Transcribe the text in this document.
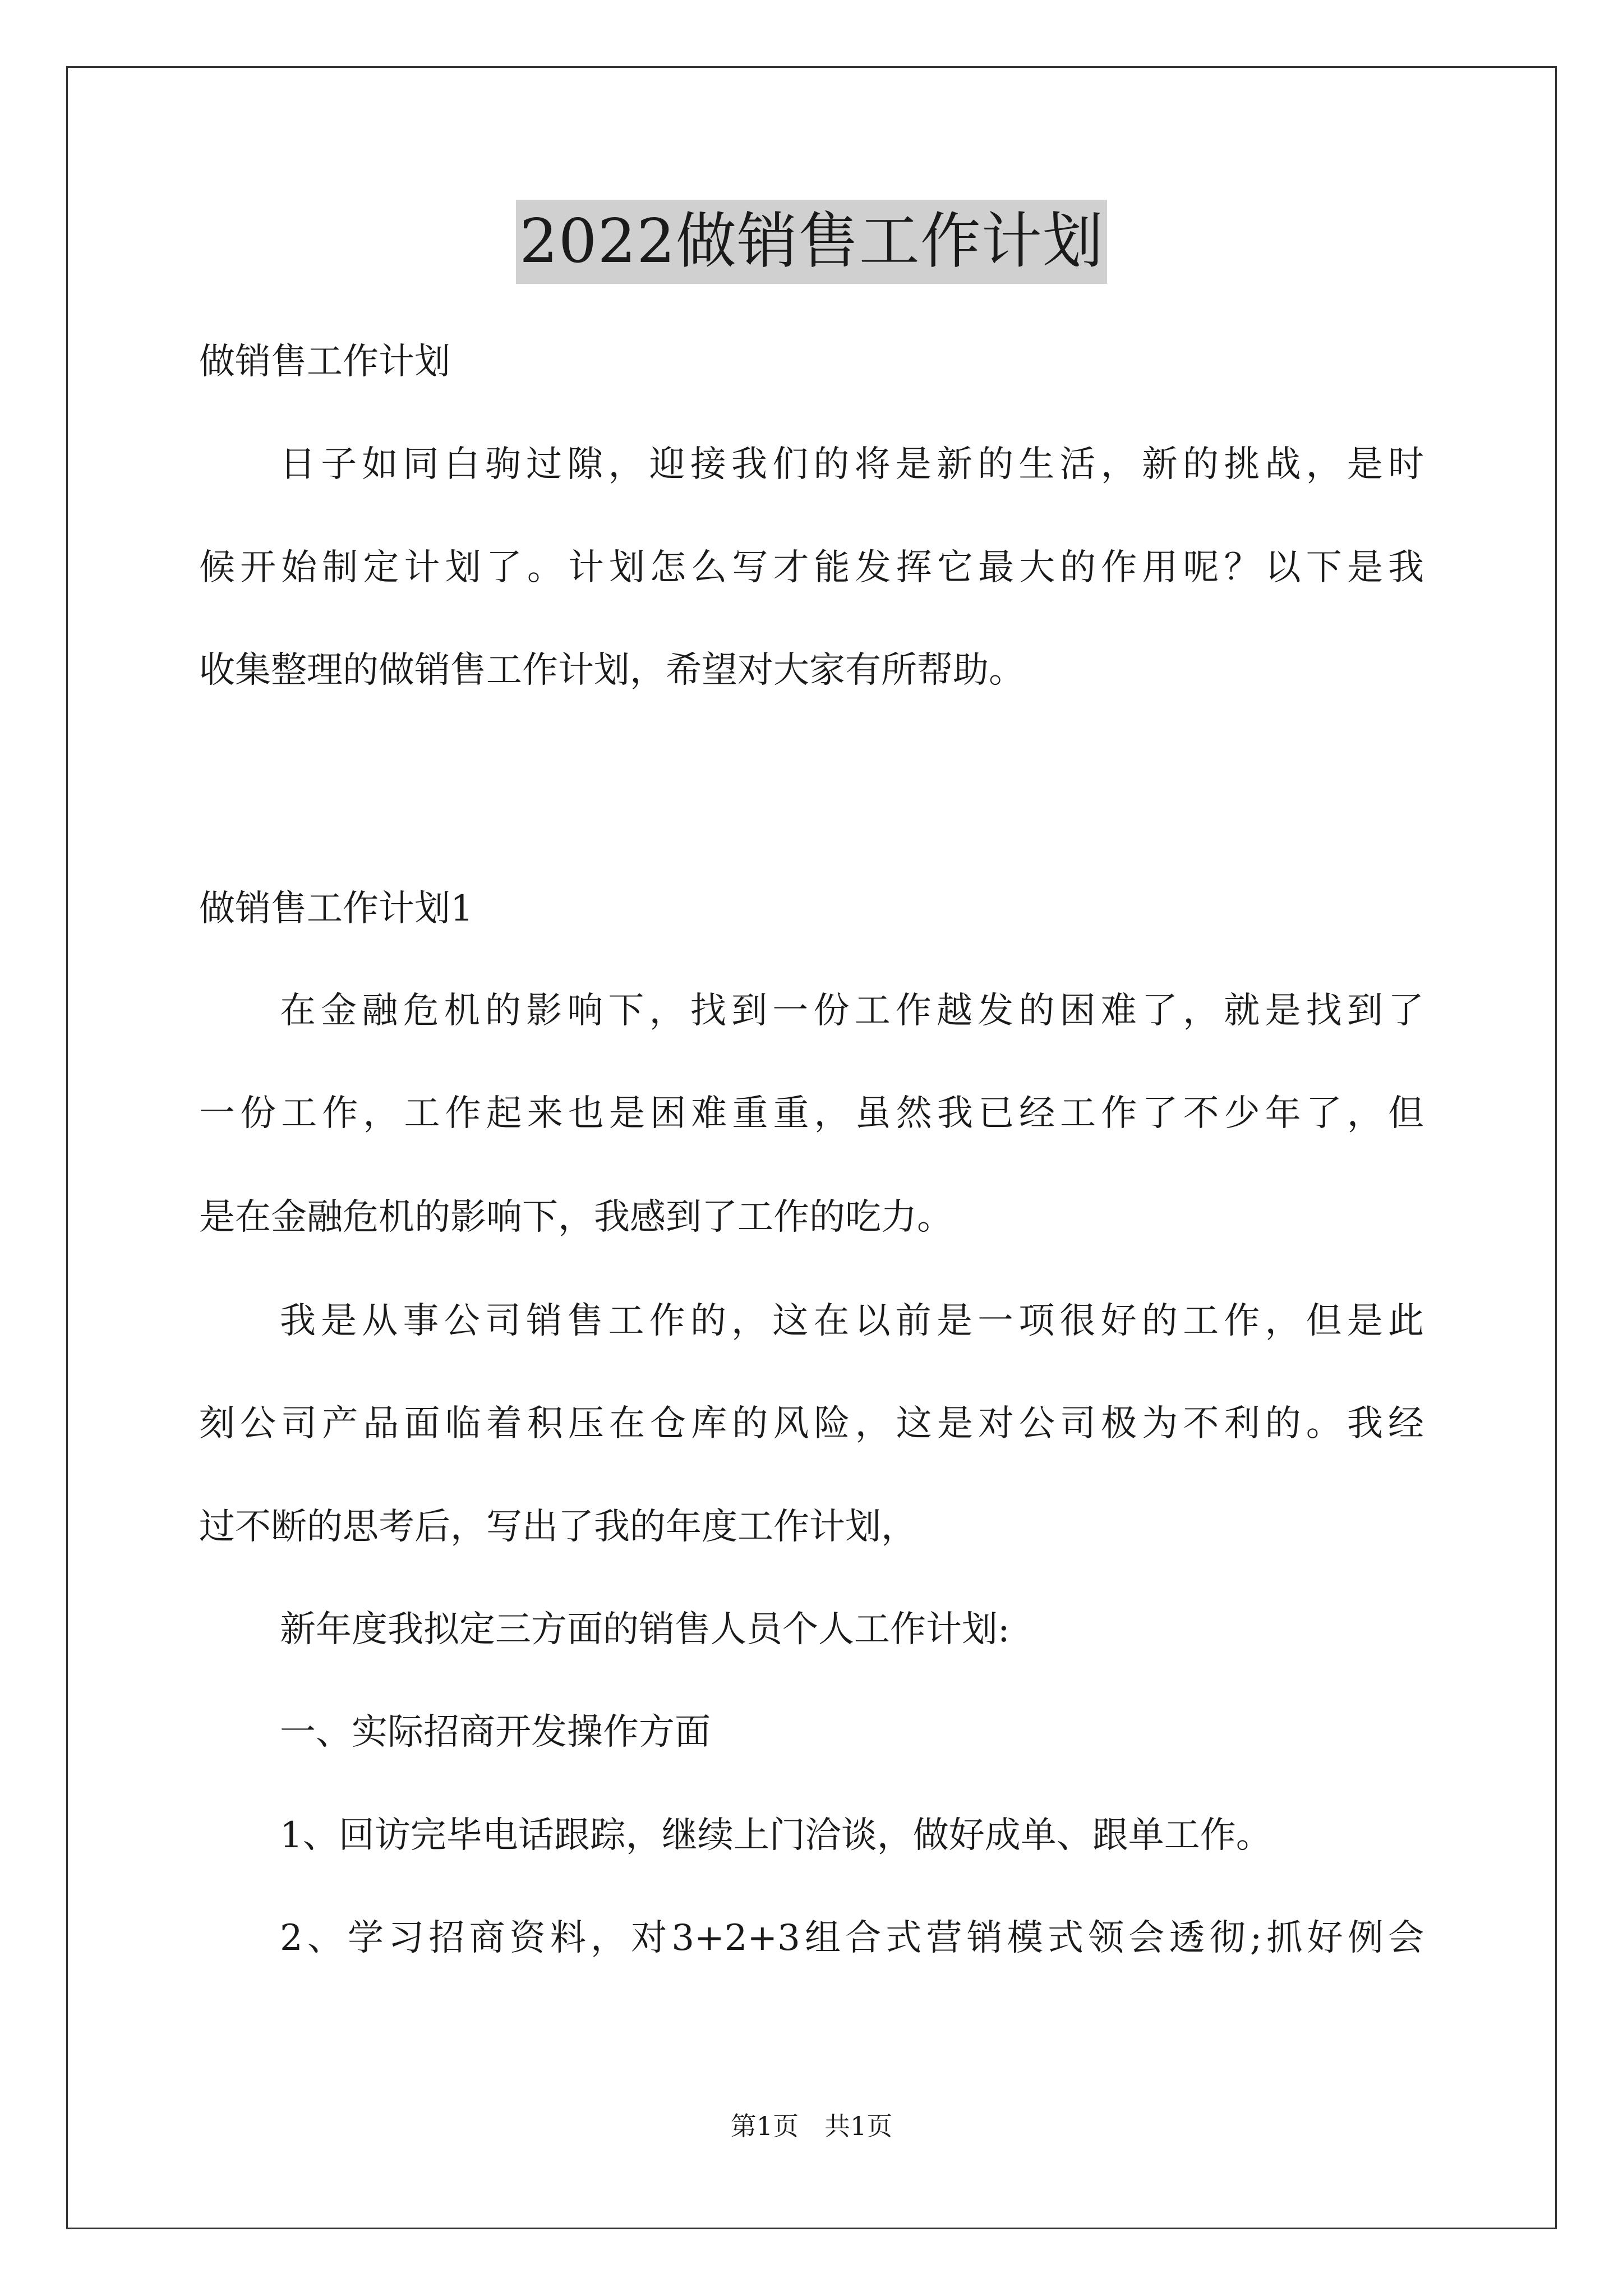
2022做销售工作计划
做销售工作计划
日子如同白驹过隙，迎接我们的将是新的生活，新的挑战，是时
候开始制定计划了。计划怎么写才能发挥它最大的作用呢？以下是我
收集整理的做销售工作计划，希望对大家有所帮助。
做销售工作计划1
在金融危机的影响下，找到一份工作越发的困难了，就是找到了
一份工作，工作起来也是困难重重，虽然我已经工作了不少年了，但
是在金融危机的影响下，我感到了工作的吃力。
我是从事公司销售工作的，这在以前是一项很好的工作，但是此
刻公司产品面临着积压在仓库的风险，这是对公司极为不利的。我经
过不断的思考后，写出了我的年度工作计划，
新年度我拟定三方面的销售人员个人工作计划:
一、实际招商开发操作方面
1、回访完毕电话跟踪，继续上门洽谈，做好成单、跟单工作。
2、学习招商资料，对3+2+3组合式营销模式领会透彻;抓好例会
第1页　共1页
